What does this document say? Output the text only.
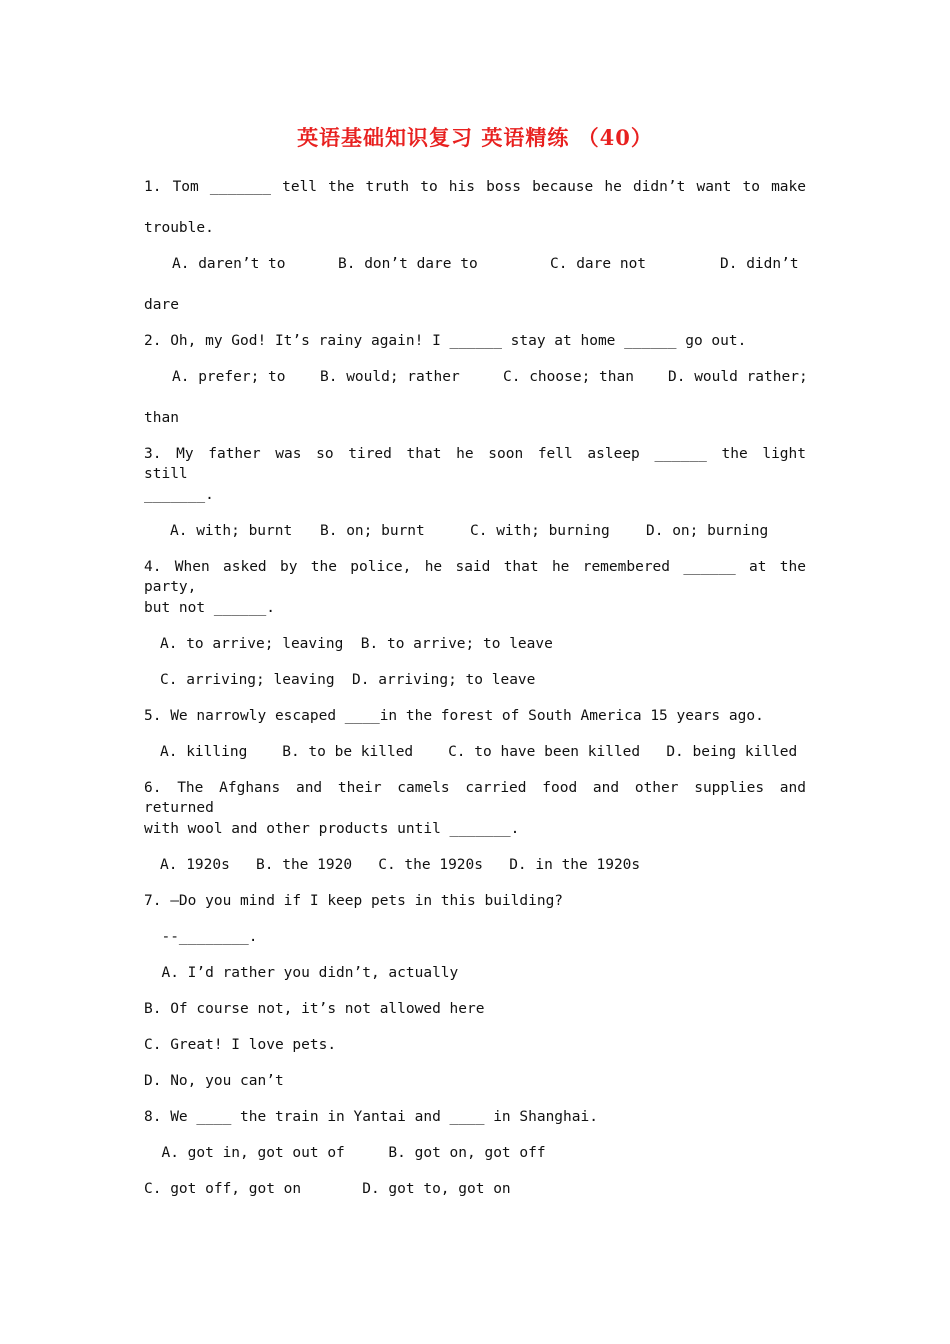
英语基础知识复习 英语精练 （40）
1. Tom _______ tell the truth to his boss because he didn’t want to make
trouble.
A. daren’t to	B. don’t dare to	C. dare not	D. didn’t
dare
2. Oh, my God! It’s rainy again! I ______ stay at home ______ go out.
A. prefer; to B. would; rather	C. choose; than D. would rather;
than
3. My father was so tired that he soon fell asleep ______ the light still
_______.
A. with; burnt B. on; burnt	C. with; burning	D. on; burning
4. When asked by the police, he said that he remembered ______ at the party,
but not ______.
A. to arrive; leaving  B. to arrive; to leave
C. arriving; leaving  D. arriving; to leave
5. We narrowly escaped ____in the forest of South America 15 years ago.
A. killing    B. to be killed    C. to have been killed   D. being killed
6. The Afghans and their camels carried food and other supplies and returned
with wool and other products until _______.
A. 1920s   B. the 1920   C. the 1920s   D. in the 1920s
7. –Do you mind if I keep pets in this building?
--________.
A. I’d rather you didn’t, actually
B. Of course not, it’s not allowed here
C. Great! I love pets.
D. No, you can’t
8. We ____ the train in Yantai and ____ in Shanghai.
A. got in, got out of     B. got on, got off
C. got off, got on       D. got to, got on
